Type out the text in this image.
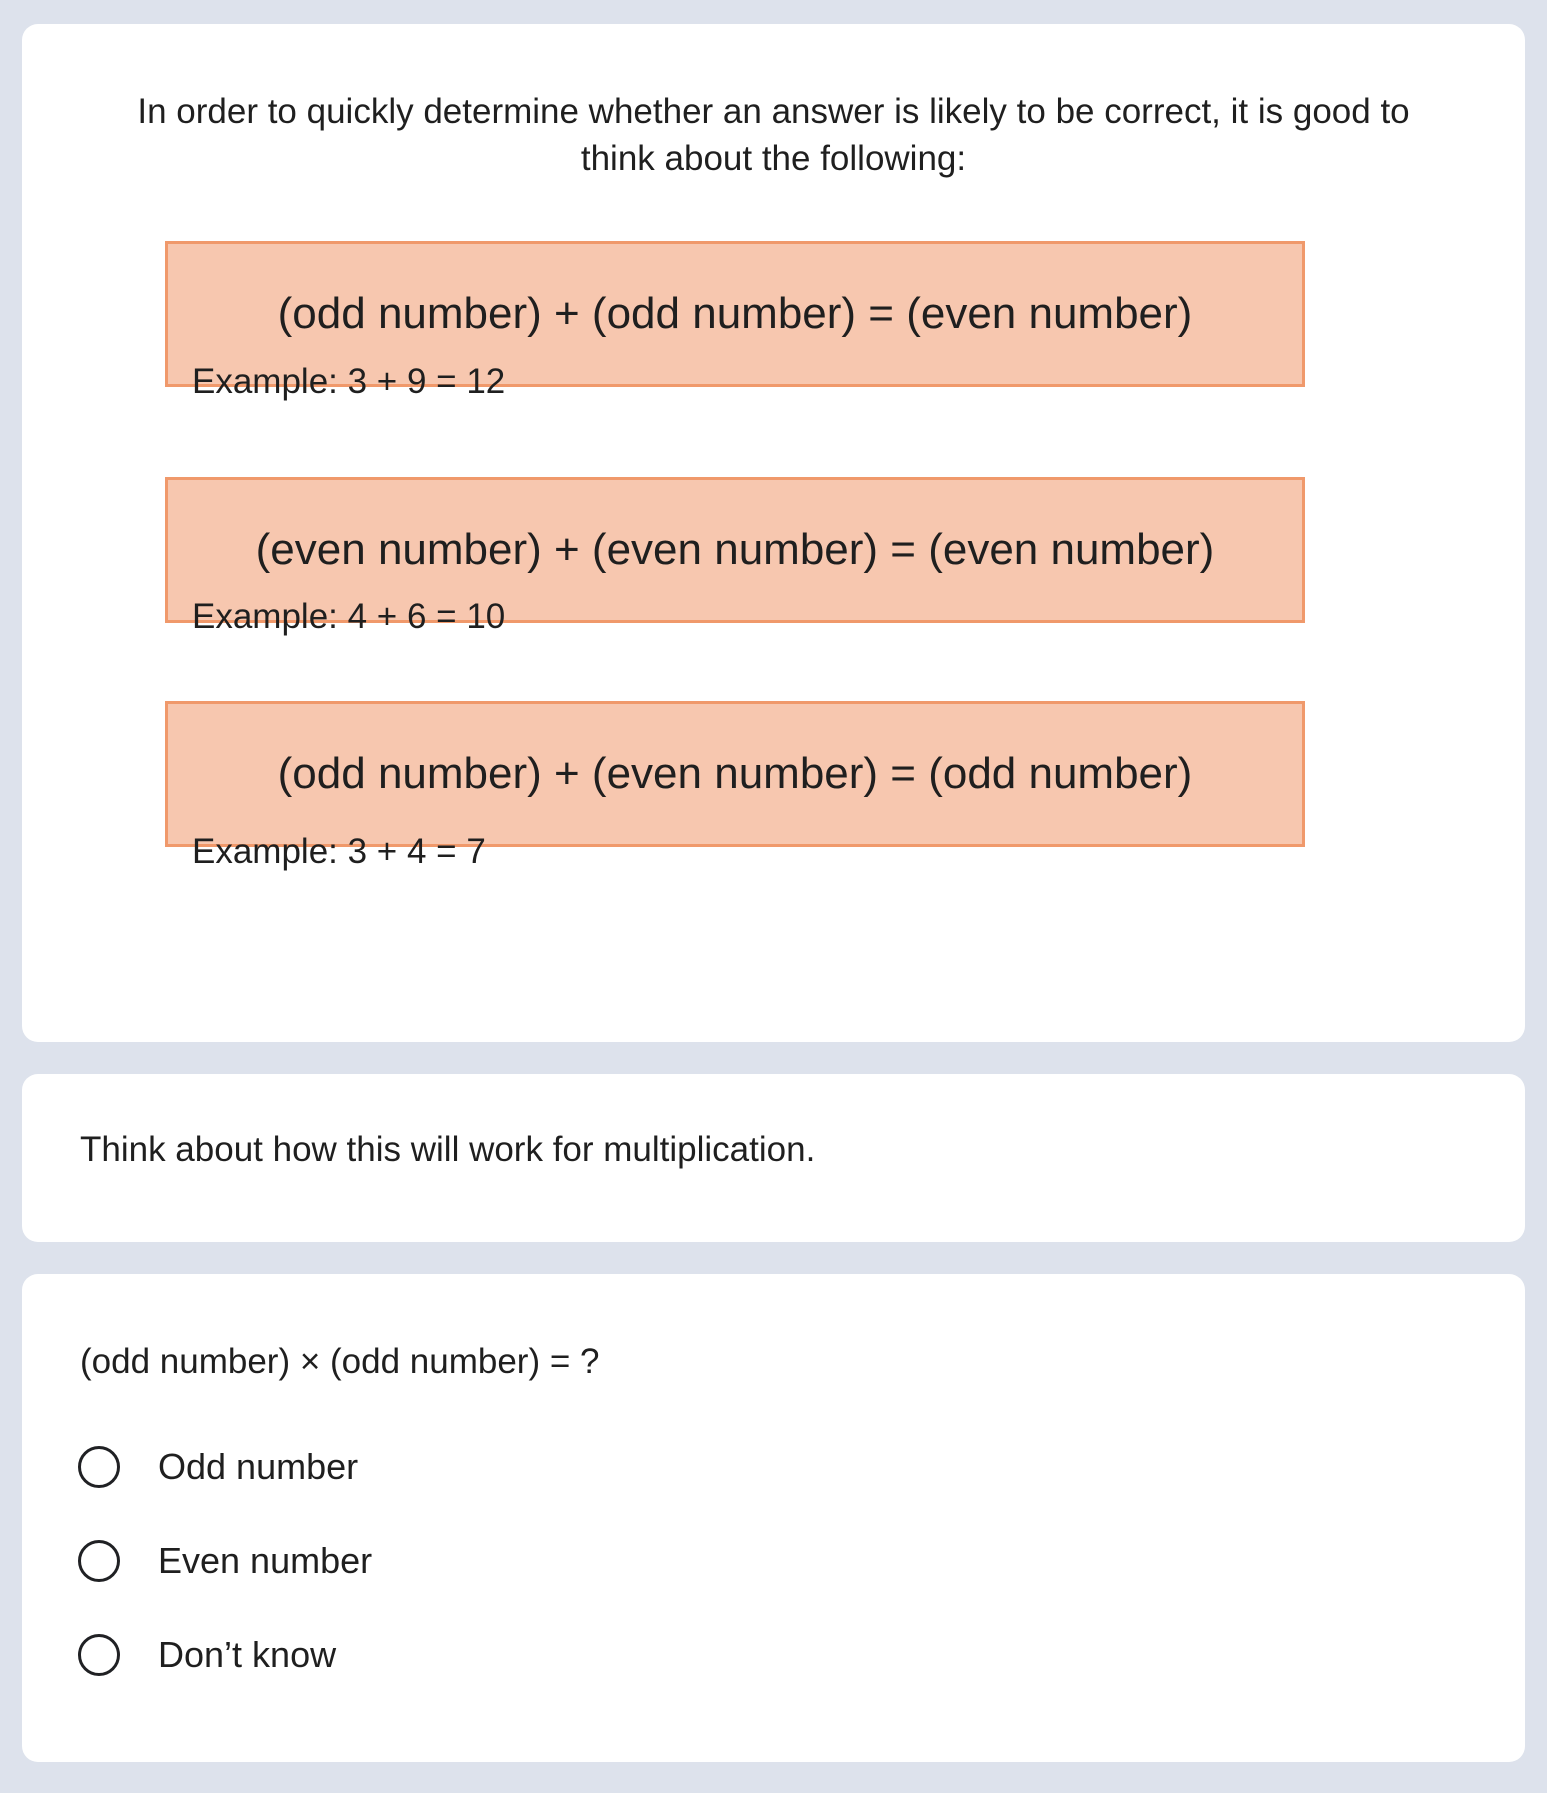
In order to quickly determine whether an answer is likely to be correct, it is good to think about the following:
(odd number) + (odd number) = (even number)
Example: 3 + 9 = 12
(even number) + (even number) = (even number)
Example: 4 + 6 = 10
(odd number) + (even number) = (odd number)
Example: 3 + 4 = 7
Think about how this will work for multiplication.
(odd number) × (odd number) = ?
Odd number
Even number
Don’t know
